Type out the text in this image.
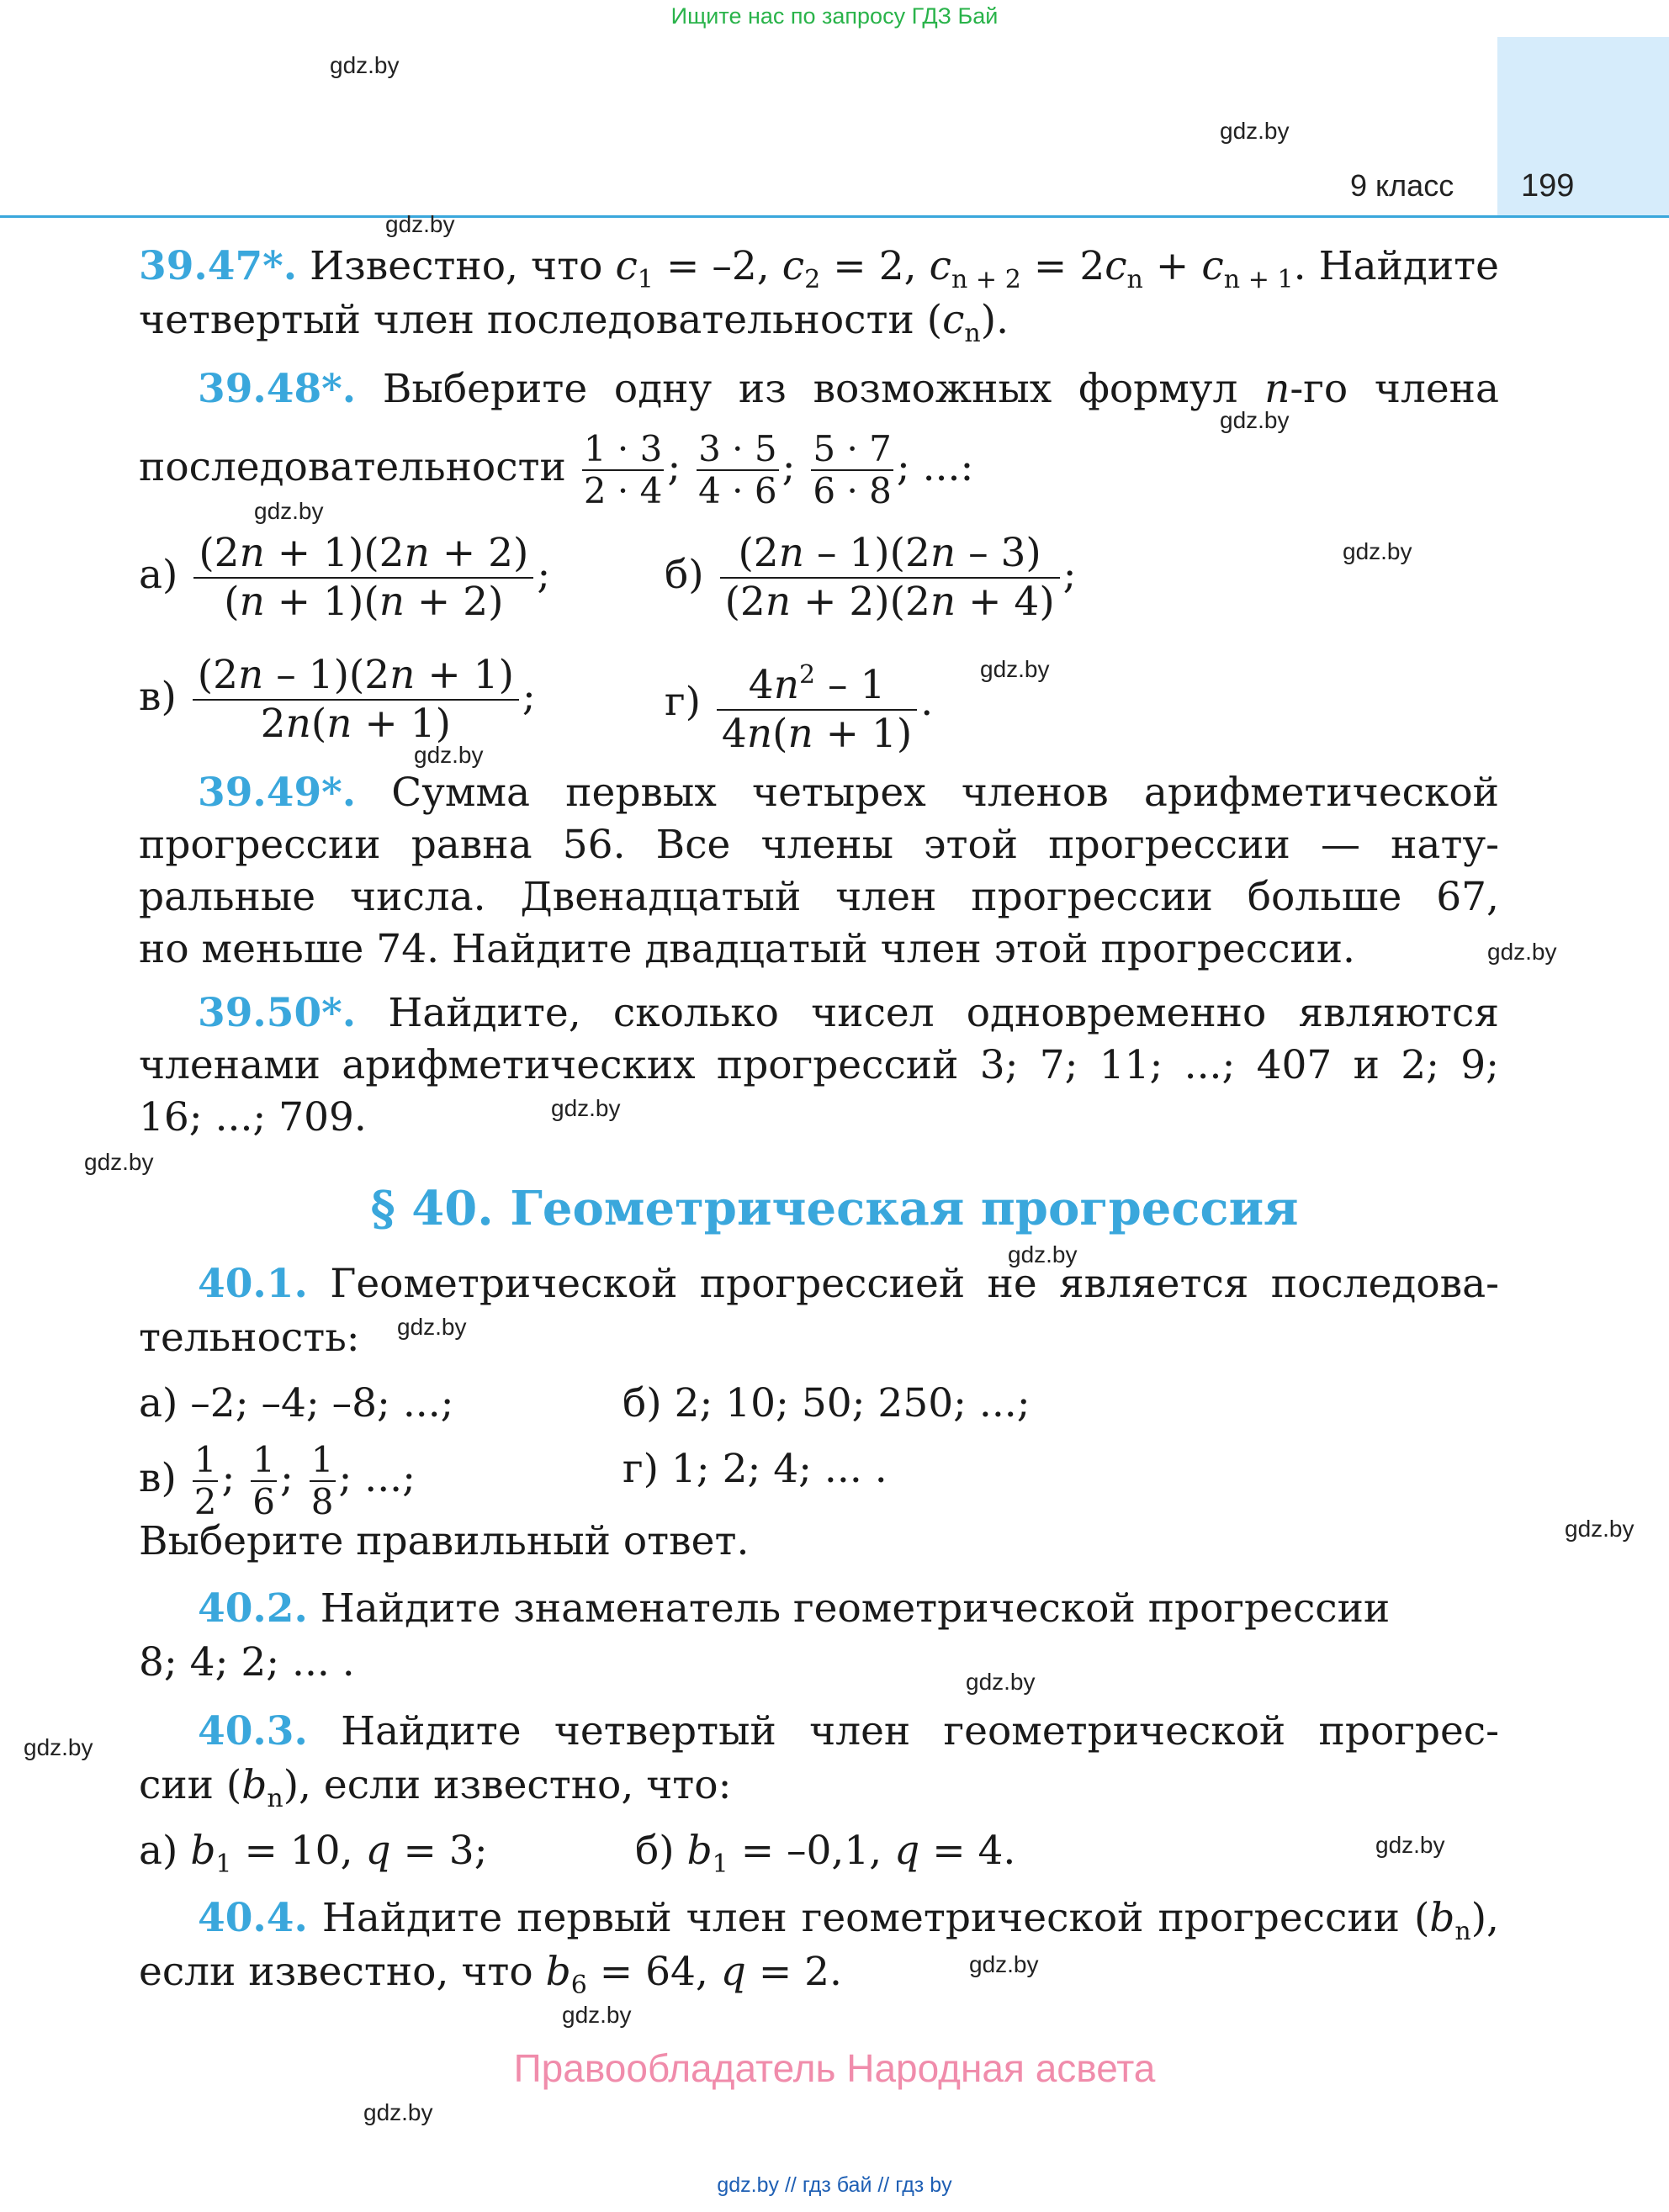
Ищите нас по запросу ГДЗ Бай
9 класс 199
gdz.by
gdz.by
gdz.by
gdz.by
gdz.by
gdz.by
gdz.by
gdz.by
gdz.by
gdz.by
gdz.by
gdz.by
gdz.by
gdz.by
gdz.by
gdz.by
gdz.by
gdz.by
gdz.by
gdz.by
39.47*. Известно, что $c_1 = -2$, $c_2 = 2$, $c_{n + 2} = 2c_n + c_{n + 1}$. Найдите
четвертый член последовательности $(c_n)$.
39.48*. Выберите одну из возможных формул n-го члена
последовательности $\frac{1 \cdot 3}{2 \cdot 4}$ ; $\frac{3 \cdot 5}{4 \cdot 6}$ ; $\frac{5 \cdot 7}{6 \cdot 8}$ ; ...:
$а) \frac{(2n + 1)(2n + 2)}{(n + 1)(n + 2)}$ ;	$б) \frac{(2n - 1)(2n - 3)}{(2n + 2)(2n + 4)}$ ;
$в) \frac{(2n - 1)(2n + 1)}{2n(n + 1)}$ ;	$г) \frac{4n^2 - 1}{4n(n + 1)}$ .
39.49*. Сумма первых четырех членов арифметической
прогрессии равна 56. Все члены этой прогрессии — нату-
ральные числа. Двенадцатый член прогрессии больше 67,
но меньше 74. Найдите двадцатый член этой прогрессии.
39.50*. Найдите, сколько чисел одновременно являются
членами арифметических прогрессий 3; 7; 11; ...; 407 и 2; 9;
16; ...; 709.
§ 40. Геометрическая прогрессия
40.1. Геометрической прогрессией не является последова-
тельность:
а) –2; –4; –8; ...;	б) 2; 10; 50; 250; ...;
$в) \frac{1}{2}$ ; $\frac{1}{6}$ ; $\frac{1}{8}$ ; ...;	г) 1; 2; 4; ... .
Выберите правильный ответ.
40.2. Найдите знаменатель геометрической прогрессии
8; 4; 2; ... .
40.3. Найдите четвертый член геометрической прогрес-
сии $(b_n)$, если известно, что:
а) $b_1 = 10$, q = 3;	б) $b_1 = -0,1$, q = 4.
40.4. Найдите первый член геометрической прогрессии $(b_n)$,
если известно, что $b_6 = 64$, q = 2.
Правообладатель Народная асвета
gdz.by // гдз бай // гдз by
